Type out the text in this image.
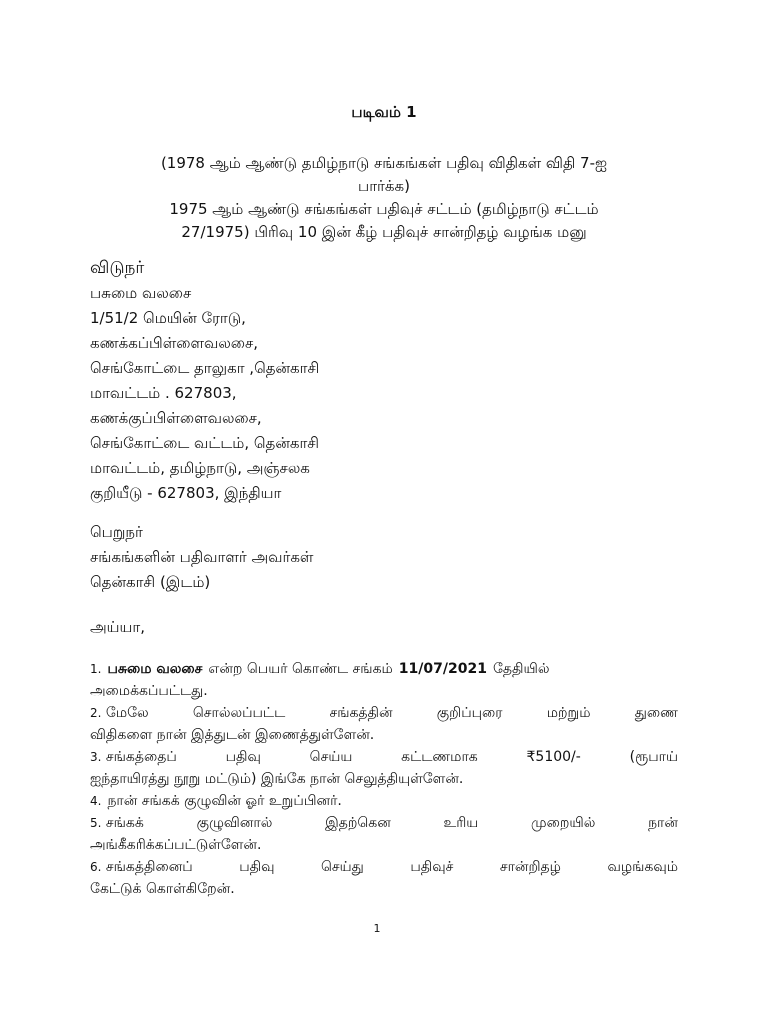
படிவம் 1
(1978 ஆம் ஆண்டு தமிழ்நாடு சங்கங்கள் பதிவு விதிகள் விதி 7-ஐ
பார்க்க)
1975 ஆம் ஆண்டு சங்கங்கள் பதிவுச் சட்டம் (தமிழ்நாடு சட்டம்
27/1975) பிரிவு 10 இன் கீழ் பதிவுச் சான்றிதழ் வழங்க மனு
விடுநர்
பசுமை வலசை
1/51/2 மெயின் ரோடு,
கணக்கப்பிள்ளைவலசை,
செங்கோட்டை தாலுகா ,தென்காசி
மாவட்டம் . 627803,
கணக்குப்பிள்ளைவலசை,
செங்கோட்டை வட்டம், தென்காசி
மாவட்டம், தமிழ்நாடு, அஞ்சலக
குறியீடு - 627803, இந்தியா
பெறுநர்
சங்கங்களின் பதிவாளர் அவர்கள்
தென்காசி (இடம்)
அய்யா,
1. பசுமை வலசை என்ற பெயர் கொண்ட சங்கம் 11/07/2021 தேதியில்
அமைக்கப்பட்டது.
2. மேலே	சொல்லப்பட்ட	சங்கத்தின்	குறிப்புரை	மற்றும்	துணை
விதிகளை நான் இத்துடன் இணைத்துள்ளேன்.
3. சங்கத்தைப்	பதிவு	செய்ய	கட்டணமாக	₹5100/-	(ரூபாய்
ஐந்தாயிரத்து நூறு மட்டும்) இங்கே நான் செலுத்தியுள்ளேன்.
4. நான் சங்கக் குழுவின் ஓர் உறுப்பினர்.
5. சங்கக்	குழுவினால்	இதற்கென	உரிய	முறையில்	நான்
அங்கீகரிக்கப்பட்டுள்ளேன்.
6. சங்கத்தினைப்	பதிவு	செய்து	பதிவுச்	சான்றிதழ்	வழங்கவும்
கேட்டுக் கொள்கிறேன்.
1
